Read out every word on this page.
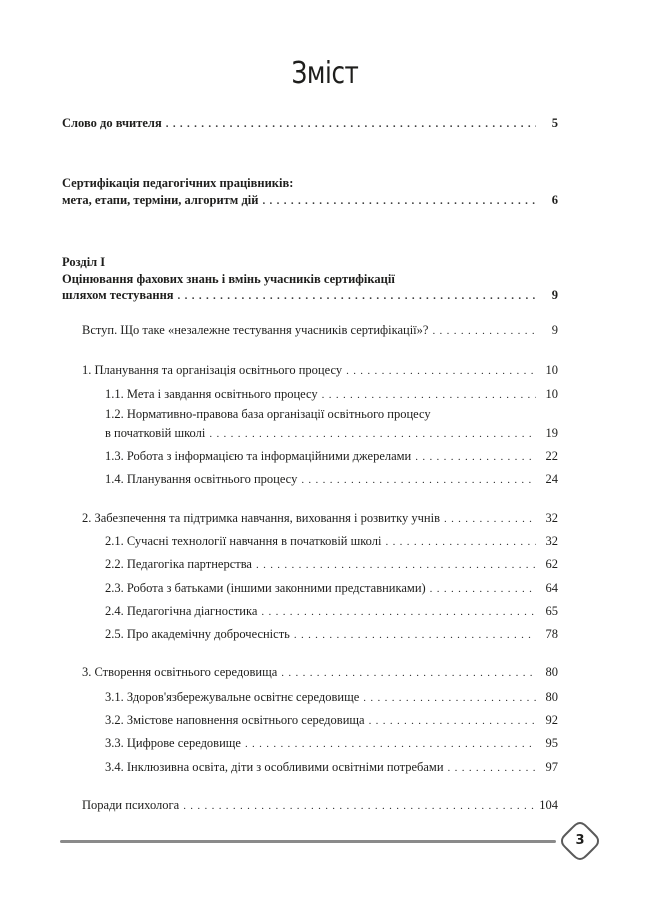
Зміст
Слово до вчителя . . .	5
Сертифікація педагогічних працівників:
мета, етапи, терміни, алгоритм дій . . .	6
Розділ I
Оцінювання фахових знань і вмінь учасників сертифікації
шляхом тестування . . .	9
Вступ. Що таке «незалежне тестування учасників сертифікації»? . . .	9
1. Планування та організація освітнього процесу . . .	10
1.1. Мета і завдання освітнього процесу . . .	10
1.2. Нормативно-правова база організації освітнього процесу
в початковій школі . . .	19
1.3. Робота з інформацією та інформаційними джерелами . . .	22
1.4. Планування освітнього процесу . . .	24
2. Забезпечення та підтримка навчання, виховання і розвитку учнів . . .	32
2.1. Сучасні технології навчання в початковій школі . . .	32
2.2. Педагогіка партнерства . . .	62
2.3. Робота з батьками (іншими законними представниками) . . .	64
2.4. Педагогічна діагностика . . .	65
2.5. Про академічну доброчесність . . .	78
3. Створення освітнього середовища . . .	80
3.1. Здоров'язбережувальне освітнє середовище . . .	80
3.2. Змістове наповнення освітнього середовища . . .	92
3.3. Цифрове середовище . . .	95
3.4. Інклюзивна освіта, діти з особливими освітніми потребами . . .	97
Поради психолога . . .	104
3
